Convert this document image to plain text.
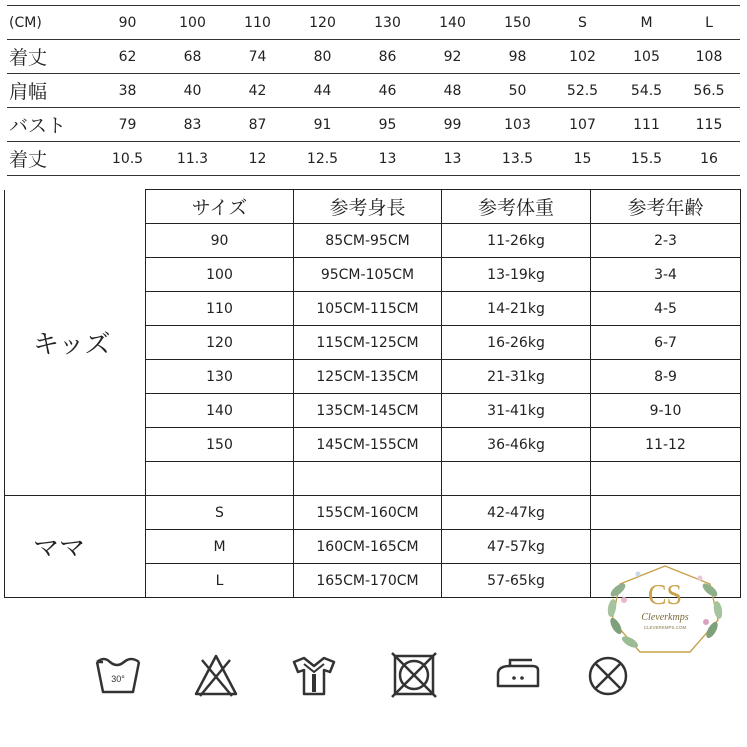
(CM)	90	100	110	120	130	140	150	S	M	L
着丈	62	68	74	80	86	92	98	102	105	108
肩幅	38	40	42	44	46	48	50	52.5	54.5	56.5
バスト	79	83	87	91	95	99	103	107	111	115
着丈	10.5	11.3	12	12.5	13	13	13.5	15	15.5	16
キッズ	サイズ	参考身長	参考体重	参考年齢
	90	85CM-95CM	11-26kg	2-3
	100	95CM-105CM	13-19kg	3-4
	110	105CM-115CM	14-21kg	4-5
	120	115CM-125CM	16-26kg	6-7
	130	125CM-135CM	21-31kg	8-9
	140	135CM-145CM	31-41kg	9-10
	150	145CM-155CM	36-46kg	11-12

ママ	S	155CM-160CM	42-47kg	
	M	160CM-165CM	47-57kg	
	L	165CM-170CM	57-65kg	
30°
CS
Cleverkmps
CLEVERKMPS.COM
